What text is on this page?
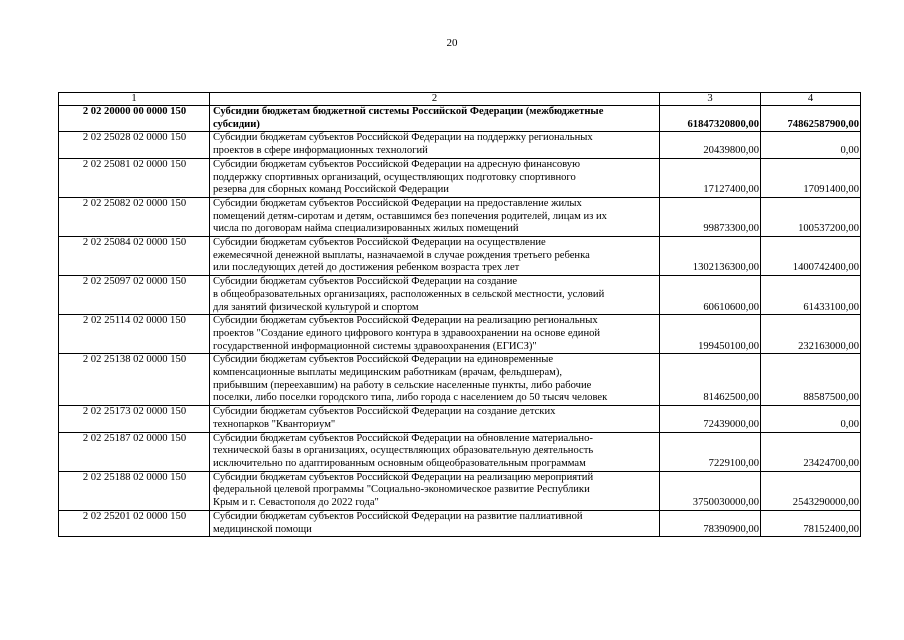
20
1	2	3	4
2 02 20000 00 0000 150	Субсидии бюджетам бюджетной системы Российской Федерации (межбюджетные
субсидии)	61847320800,00	74862587900,00
2 02 25028 02 0000 150	Субсидии бюджетам субъектов Российской Федерации на поддержку региональных
проектов в сфере информационных технологий	20439800,00	0,00
2 02 25081 02 0000 150	Субсидии бюджетам субъектов Российской Федерации на адресную финансовую
поддержку спортивных организаций, осуществляющих подготовку спортивного
резерва для сборных команд Российской Федерации	17127400,00	17091400,00
2 02 25082 02 0000 150	Субсидии бюджетам субъектов Российской Федерации на предоставление жилых
помещений детям-сиротам и детям, оставшимся без попечения родителей, лицам из их
числа по договорам найма специализированных жилых помещений	99873300,00	100537200,00
2 02 25084 02 0000 150	Субсидии бюджетам субъектов Российской Федерации на осуществление
ежемесячной денежной выплаты, назначаемой в случае рождения третьего ребенка
или последующих детей до достижения ребенком возраста трех лет	1302136300,00	1400742400,00
2 02 25097 02 0000 150	Субсидии бюджетам субъектов Российской Федерации на создание
в общеобразовательных организациях, расположенных в сельской местности, условий
для занятий физической культурой и спортом	60610600,00	61433100,00
2 02 25114 02 0000 150	Субсидии бюджетам субъектов Российской Федерации на реализацию региональных
проектов "Создание единого цифрового контура в здравоохранении на основе единой
государственной информационной системы здравоохранения (ЕГИСЗ)"	199450100,00	232163000,00
2 02 25138 02 0000 150	Субсидии бюджетам субъектов Российской Федерации на единовременные
компенсационные выплаты медицинским работникам (врачам, фельдшерам),
прибывшим (переехавшим) на работу в сельские населенные пункты, либо рабочие
поселки, либо поселки городского типа, либо города с населением до 50 тысяч человек	81462500,00	88587500,00
2 02 25173 02 0000 150	Субсидии бюджетам субъектов Российской Федерации на создание детских
технопарков "Кванториум"	72439000,00	0,00
2 02 25187 02 0000 150	Субсидии бюджетам субъектов Российской Федерации на обновление материально-
технической базы в организациях, осуществляющих образовательную деятельность
исключительно по адаптированным основным общеобразовательным программам	7229100,00	23424700,00
2 02 25188 02 0000 150	Субсидии бюджетам субъектов Российской Федерации на реализацию мероприятий
федеральной целевой программы "Социально-экономическое развитие Республики
Крым и г. Севастополя до 2022 года"	3750030000,00	2543290000,00
2 02 25201 02 0000 150	Субсидии бюджетам субъектов Российской Федерации на развитие паллиативной
медицинской помощи	78390900,00	78152400,00
